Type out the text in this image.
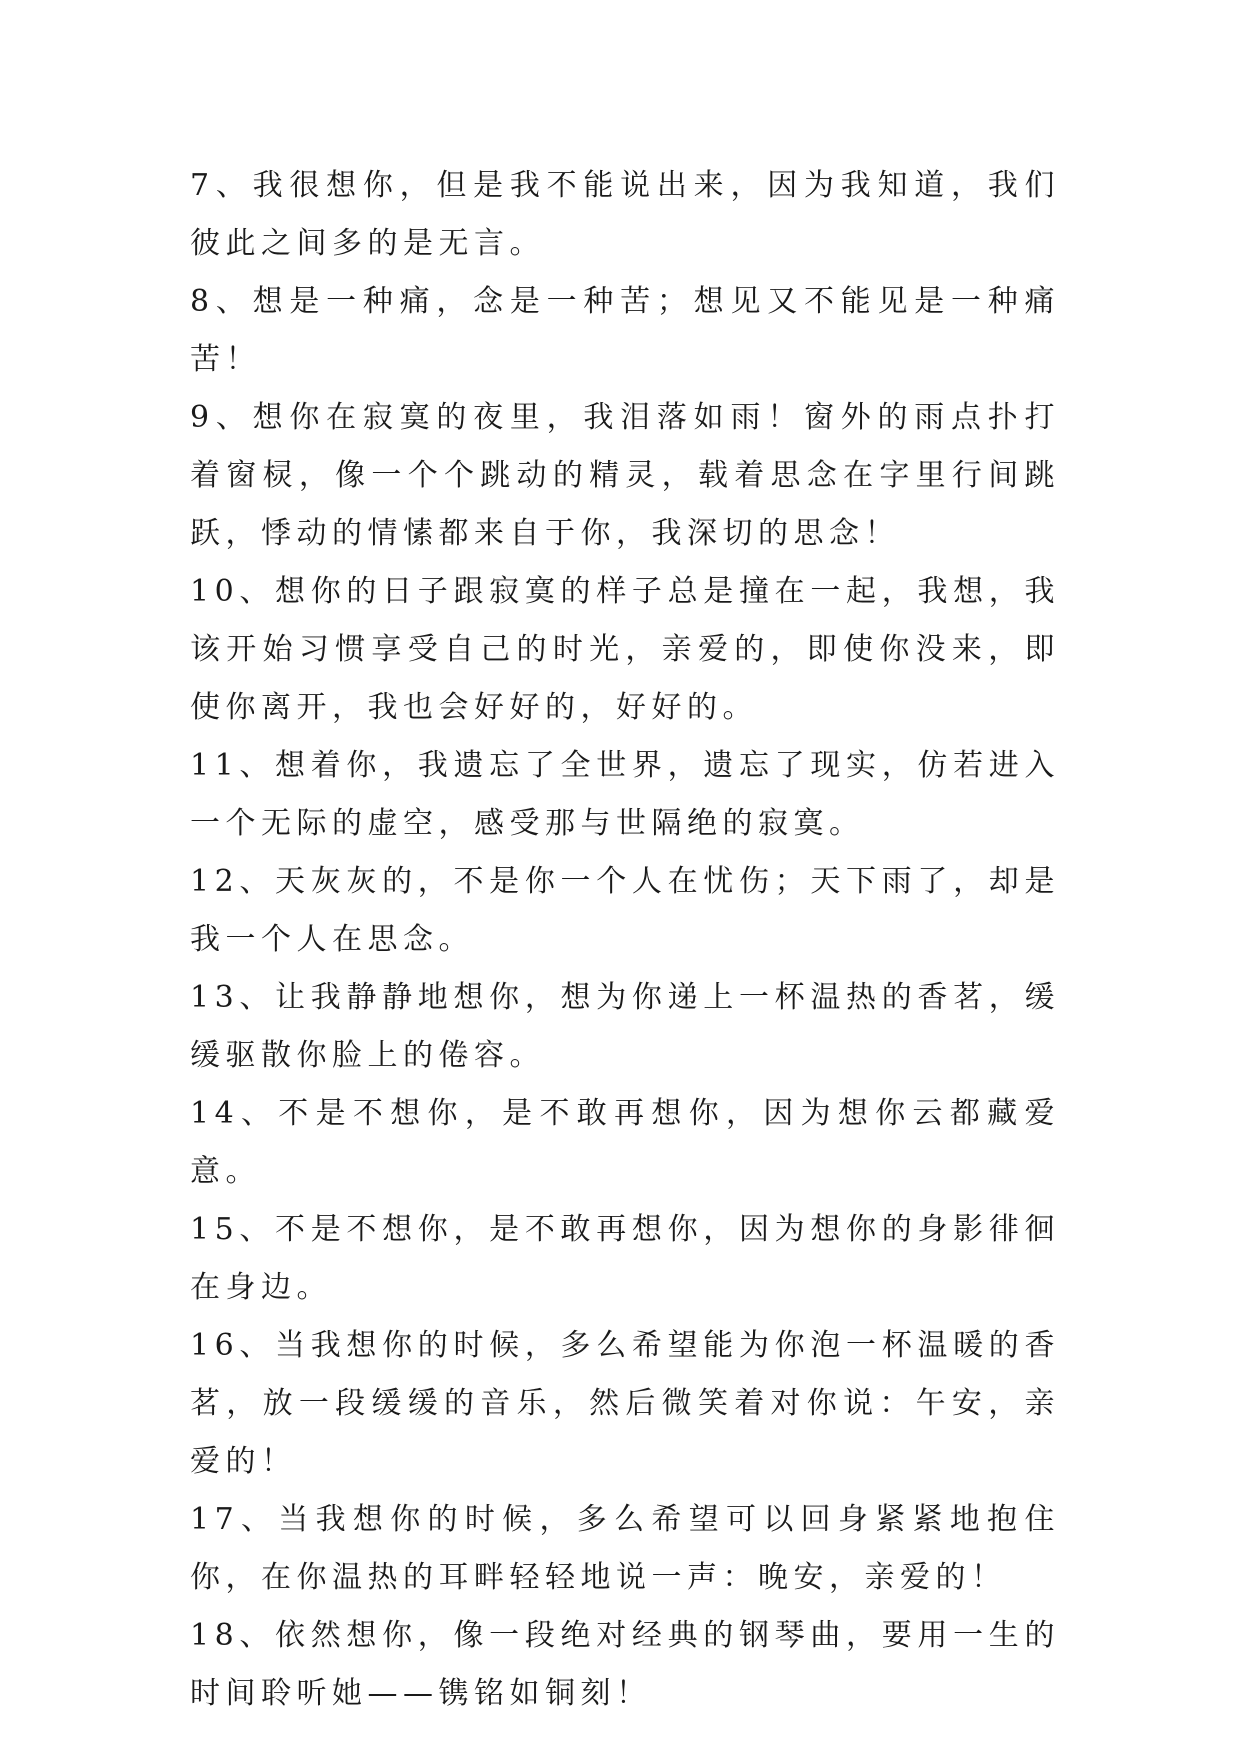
7、我很想你，但是我不能说出来，因为我知道，我们彼此之间多的是无言。

8、想是一种痛，念是一种苦；想见又不能见是一种痛苦！

9、想你在寂寞的夜里，我泪落如雨！窗外的雨点扑打着窗棂，像一个个跳动的精灵，载着思念在字里行间跳跃，悸动的情愫都来自于你，我深切的思念！

10、想你的日子跟寂寞的样子总是撞在一起，我想，我该开始习惯享受自己的时光，亲爱的，即使你没来，即使你离开，我也会好好的，好好的。

11、想着你，我遗忘了全世界，遗忘了现实，仿若进入一个无际的虚空，感受那与世隔绝的寂寞。

12、天灰灰的，不是你一个人在忧伤；天下雨了，却是我一个人在思念。

13、让我静静地想你，想为你递上一杯温热的香茗，缓缓驱散你脸上的倦容。

14、不是不想你，是不敢再想你，因为想你云都藏爱意。

15、不是不想你，是不敢再想你，因为想你的身影徘徊在身边。

16、当我想你的时候，多么希望能为你泡一杯温暖的香茗，放一段缓缓的音乐，然后微笑着对你说：午安，亲爱的！

17、当我想你的时候，多么希望可以回身紧紧地抱住你，在你温热的耳畔轻轻地说一声：晚安，亲爱的！

18、依然想你，像一段绝对经典的钢琴曲，要用一生的时间聆听她——镌铭如铜刻！
